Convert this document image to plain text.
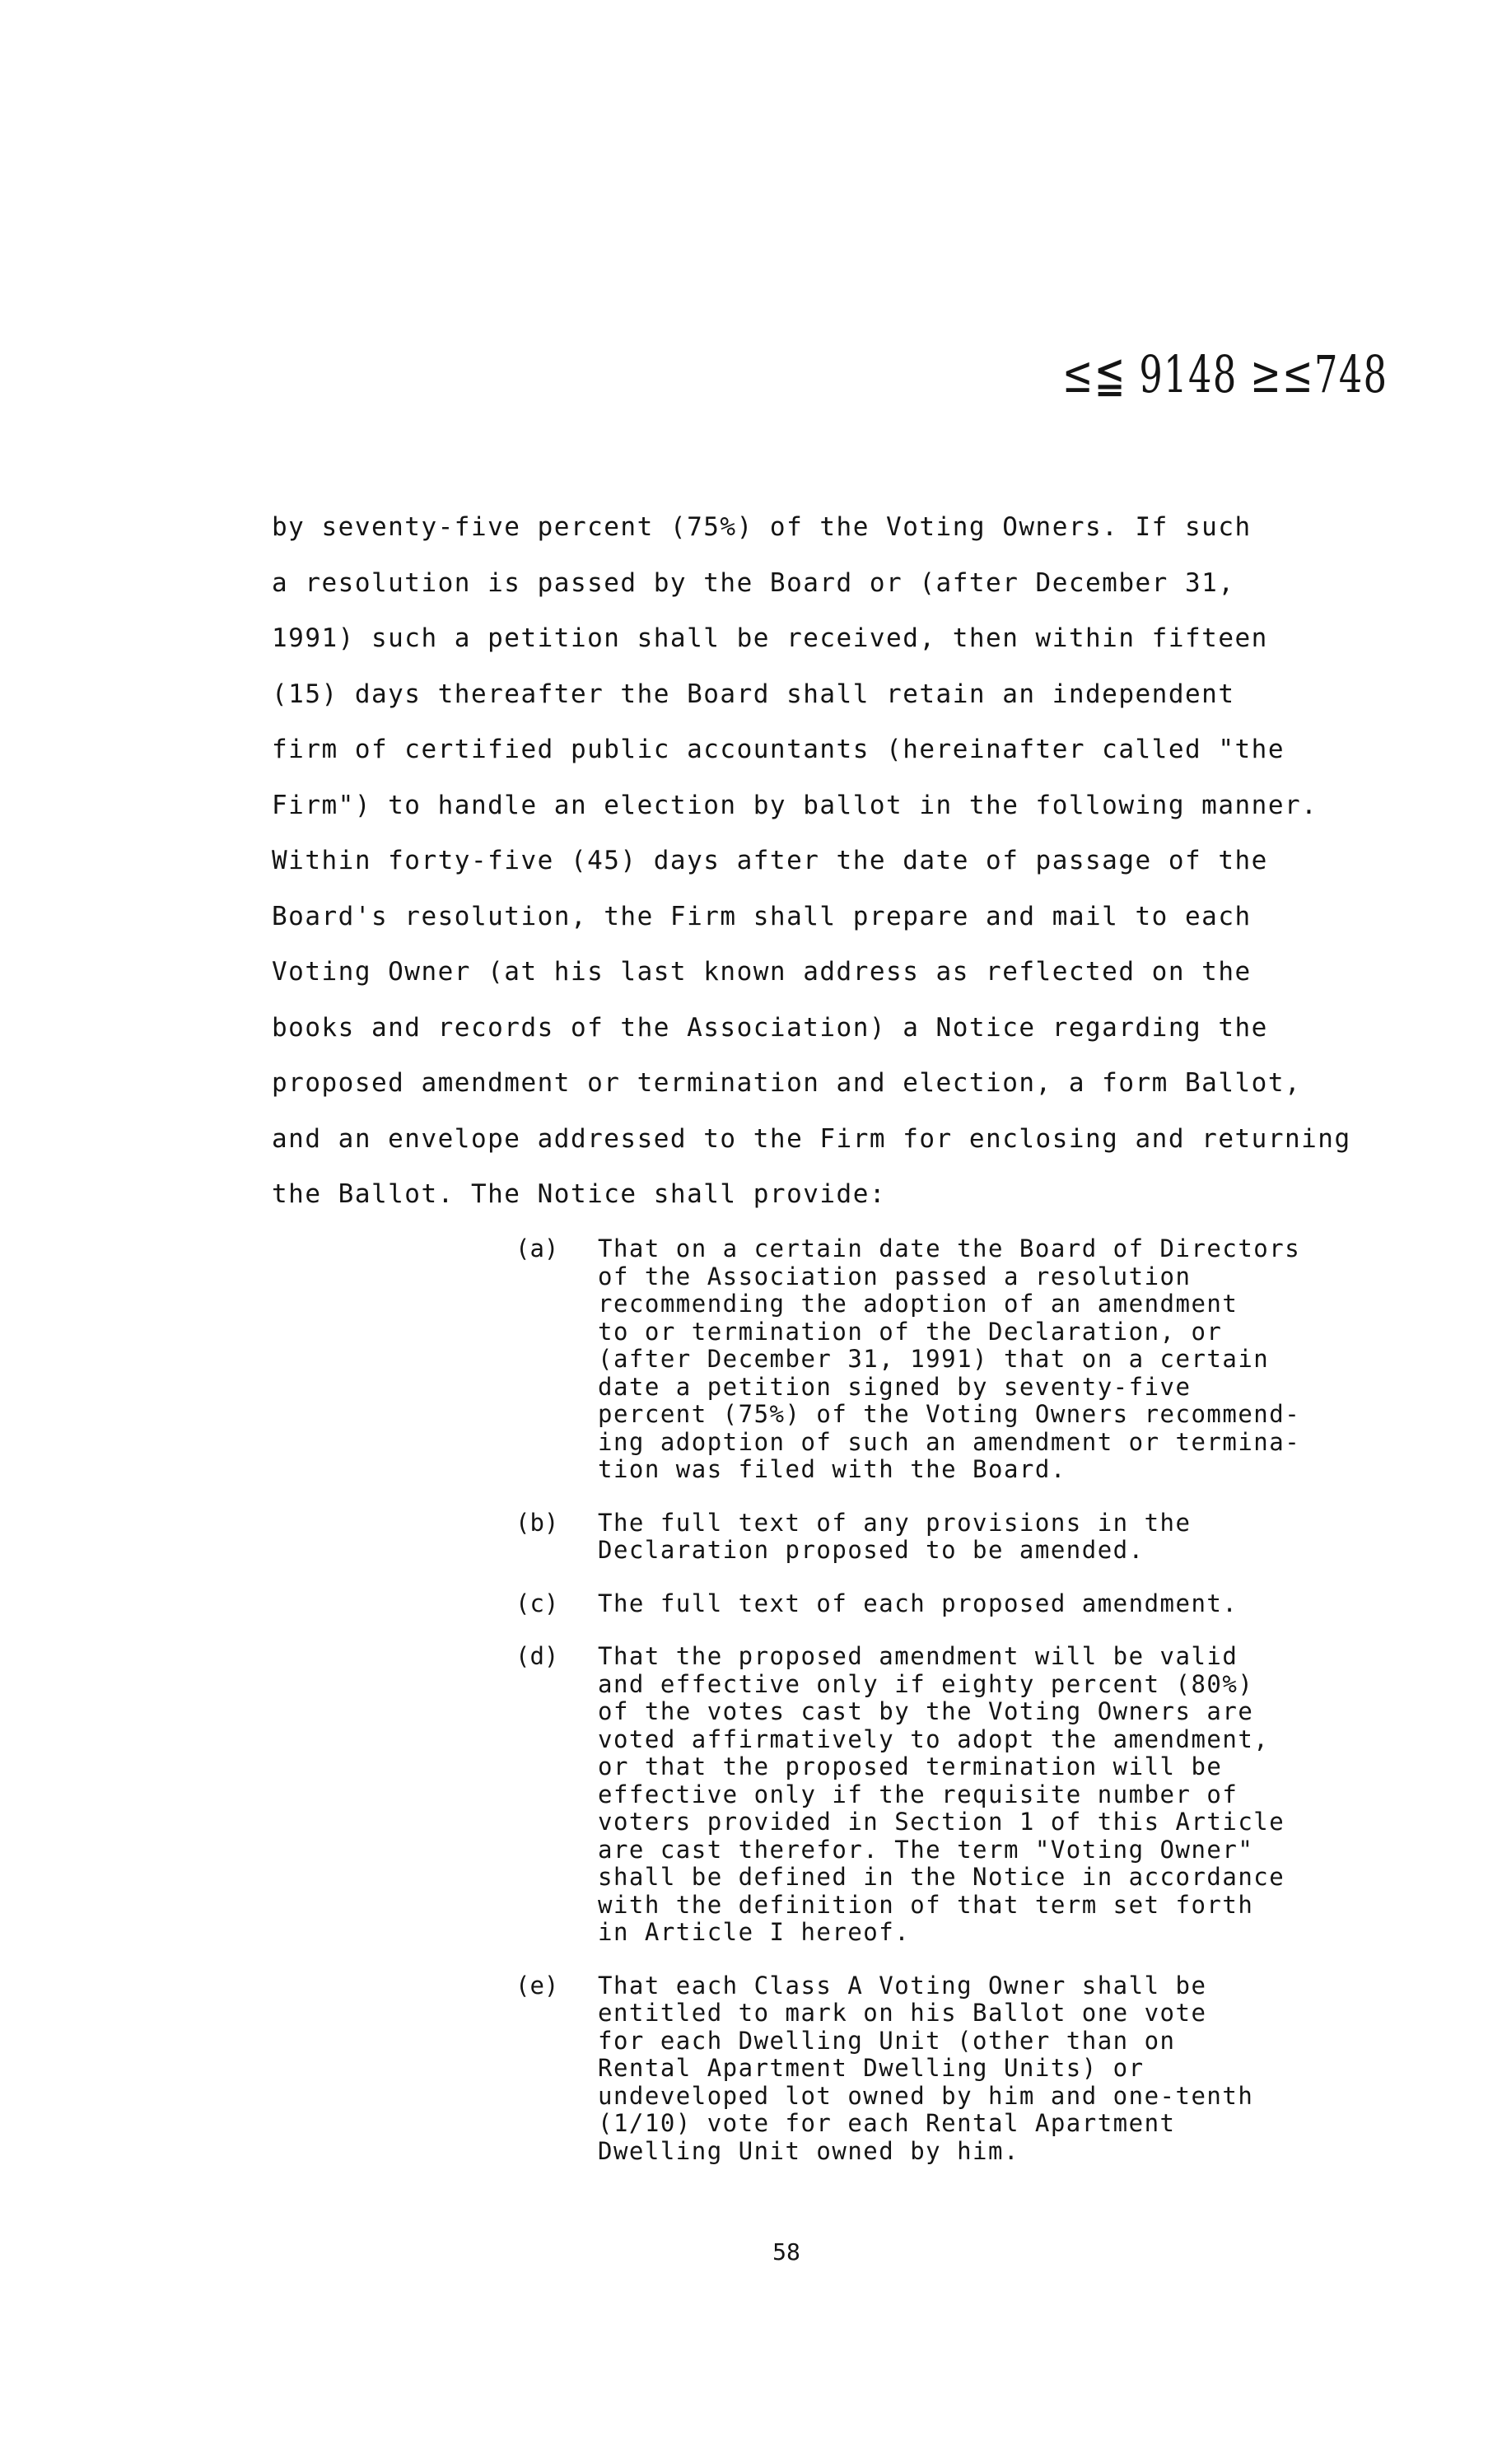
≤≦ 9148 ≥≤748
by seventy-five percent (75%) of the Voting Owners. If such
a resolution is passed by the Board or (after December 31,
1991) such a petition shall be received, then within fifteen
(15) days thereafter the Board shall retain an independent
firm of certified public accountants (hereinafter called "the
Firm") to handle an election by ballot in the following manner.
Within forty-five (45) days after the date of passage of the
Board's resolution, the Firm shall prepare and mail to each
Voting Owner (at his last known address as reflected on the
books and records of the Association) a Notice regarding the
proposed amendment or termination and election, a form Ballot,
and an envelope addressed to the Firm for enclosing and returning
the Ballot. The Notice shall provide:
(a) That on a certain date the Board of Directors
of the Association passed a resolution
recommending the adoption of an amendment
to or termination of the Declaration, or
(after December 31, 1991) that on a certain
date a petition signed by seventy-five
percent (75%) of the Voting Owners recommend-
ing adoption of such an amendment or termina-
tion was filed with the Board.
(b) The full text of any provisions in the
Declaration proposed to be amended.
(c) The full text of each proposed amendment.
(d) That the proposed amendment will be valid
and effective only if eighty percent (80%)
of the votes cast by the Voting Owners are
voted affirmatively to adopt the amendment,
or that the proposed termination will be
effective only if the requisite number of
voters provided in Section 1 of this Article
are cast therefor. The term "Voting Owner"
shall be defined in the Notice in accordance
with the definition of that term set forth
in Article I hereof.
(e) That each Class A Voting Owner shall be
entitled to mark on his Ballot one vote
for each Dwelling Unit (other than on
Rental Apartment Dwelling Units) or
undeveloped lot owned by him and one-tenth
(1/10) vote for each Rental Apartment
Dwelling Unit owned by him.
58
